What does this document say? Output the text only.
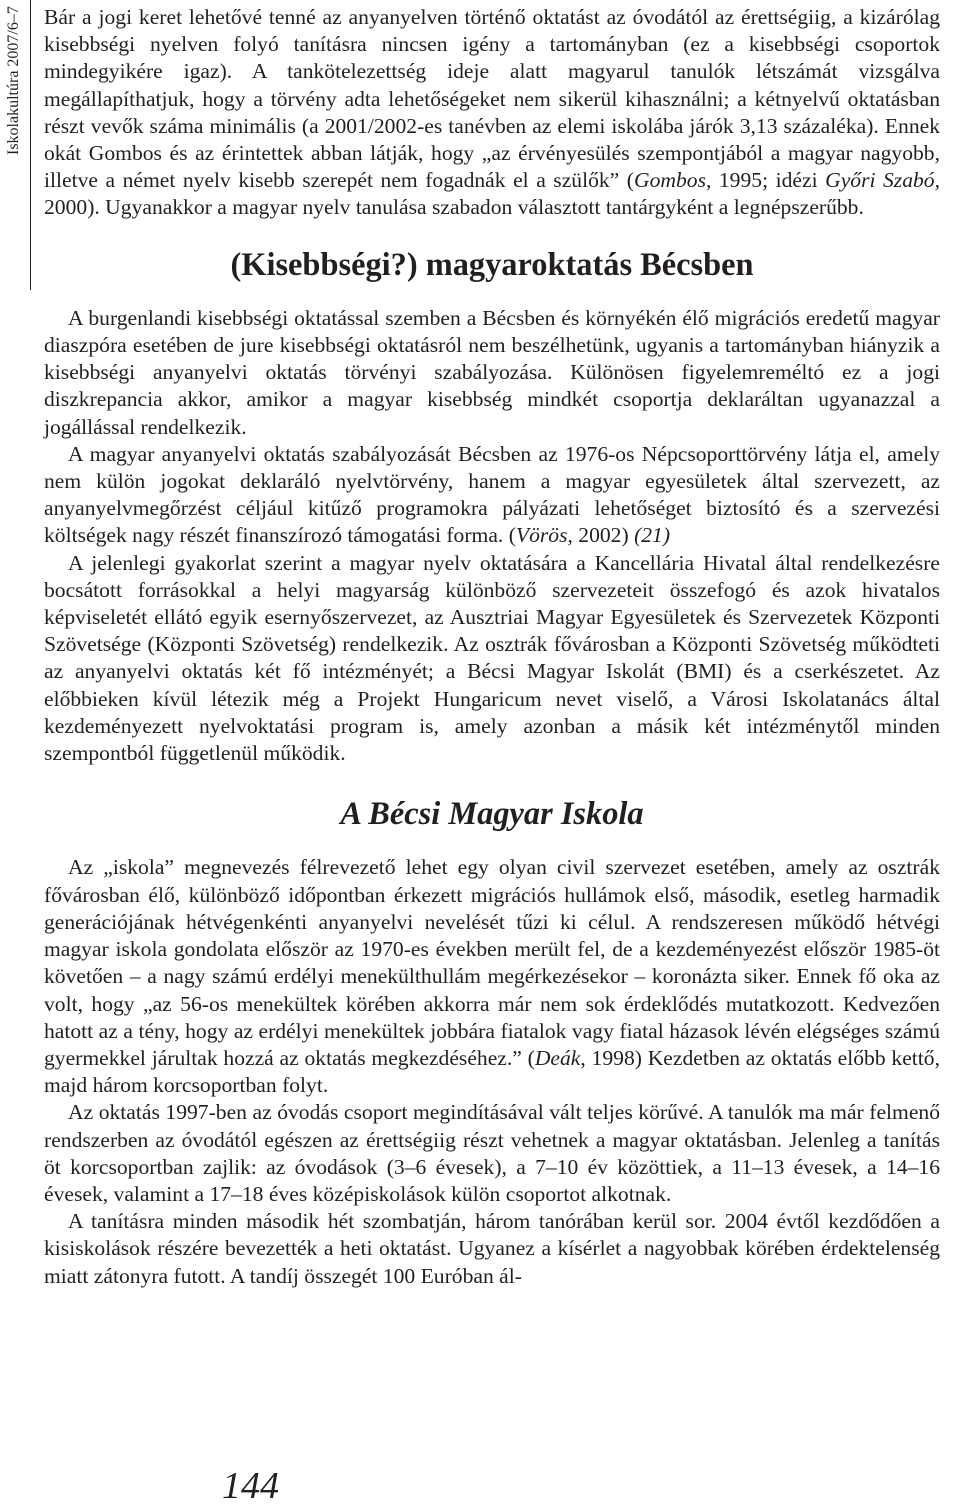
Iskolakultúra 2007/6–7 Bár a jogi keret lehetővé tenné az anyanyelven történő oktatást az óvodától az érettségiig, a kizárólag kisebbségi nyelven folyó tanításra nincsen igény a tartományban (ez a kisebbségi csoportok mindegyikére igaz). A tankötelezettség ideje alatt magyarul tanulók létszámát vizsgálva megállapíthatjuk, hogy a törvény adta lehetőségeket nem sikerül kihasználni; a kétnyelvű oktatásban részt vevők száma minimális (a 2001/2002-es tanévben az elemi iskolába járók 3,13 százaléka). Ennek okát Gombos és az érintettek abban látják, hogy „az érvényesülés szempontjából a magyar nagyobb, illetve a német nyelv kisebb szerepét nem fogadnák el a szülők” (Gombos, 1995; idézi Győri Szabó, 2000). Ugyanakkor a magyar nyelv tanulása szabadon választott tantárgyként a legnépszerűbb.

(Kisebbségi?) magyaroktatás Bécsben

A burgenlandi kisebbségi oktatással szemben a Bécsben és környékén élő migrációs eredetű magyar diaszpóra esetében de jure kisebbségi oktatásról nem beszélhetünk, ugyanis a tartományban hiányzik a kisebbségi anyanyelvi oktatás törvényi szabályozása. Különösen figyelemreméltó ez a jogi diszkrepancia akkor, amikor a magyar kisebbség mindkét csoportja deklaráltan ugyanazzal a jogállással rendelkezik.

A magyar anyanyelvi oktatás szabályozását Bécsben az 1976-os Népcsoporttörvény látja el, amely nem külön jogokat deklaráló nyelvtörvény, hanem a magyar egyesületek által szervezett, az anyanyelvmegőrzést céljául kitűző programokra pályázati lehetőséget biztosító és a szervezési költségek nagy részét finanszírozó támogatási forma. (Vörös, 2002) (21)

A jelenlegi gyakorlat szerint a magyar nyelv oktatására a Kancellária Hivatal által rendelkezésre bocsátott forrásokkal a helyi magyarság különböző szervezeteit összefogó és azok hivatalos képviseletét ellátó egyik esernyőszervezet, az Ausztriai Magyar Egyesületek és Szervezetek Központi Szövetsége (Központi Szövetség) rendelkezik. Az osztrák fővárosban a Központi Szövetség működteti az anyanyelvi oktatás két fő intézményét; a Bécsi Magyar Iskolát (BMI) és a cserkészetet. Az előbbieken kívül létezik még a Projekt Hungaricum nevet viselő, a Városi Iskolatanács által kezdeményezett nyelvoktatási program is, amely azonban a másik két intézménytől minden szempontból függetlenül működik.

A Bécsi Magyar Iskola

Az „iskola” megnevezés félrevezető lehet egy olyan civil szervezet esetében, amely az osztrák fővárosban élő, különböző időpontban érkezett migrációs hullámok első, második, esetleg harmadik generációjának hétvégenkénti anyanyelvi nevelését tűzi ki célul. A rendszeresen működő hétvégi magyar iskola gondolata először az 1970-es években merült fel, de a kezdeményezést először 1985-öt követően – a nagy számú erdélyi menekülthullám megérkezésekor – koronázta siker. Ennek fő oka az volt, hogy „az 56-os menekültek körében akkorra már nem sok érdeklődés mutatkozott. Kedvezően hatott az a tény, hogy az erdélyi menekültek jobbára fiatalok vagy fiatal házasok lévén elégséges számú gyermekkel járultak hozzá az oktatás megkezdéséhez.” (Deák, 1998) Kezdetben az oktatás előbb kettő, majd három korcsoportban folyt.

Az oktatás 1997-ben az óvodás csoport megindításával vált teljes körűvé. A tanulók ma már felmenő rendszerben az óvodától egészen az érettségiig részt vehetnek a magyar oktatásban. Jelenleg a tanítás öt korcsoportban zajlik: az óvodások (3–6 évesek), a 7–10 év közöttiek, a 11–13 évesek, a 14–16 évesek, valamint a 17–18 éves középiskolások külön csoportot alkotnak.

A tanításra minden második hét szombatján, három tanórában kerül sor. 2004 évtől kezdődően a kisiskolások részére bevezették a heti oktatást. Ugyanez a kísérlet a nagyobbak körében érdektelenség miatt zátonyra futott. A tandíj összegét 100 Euróban ál-

144
